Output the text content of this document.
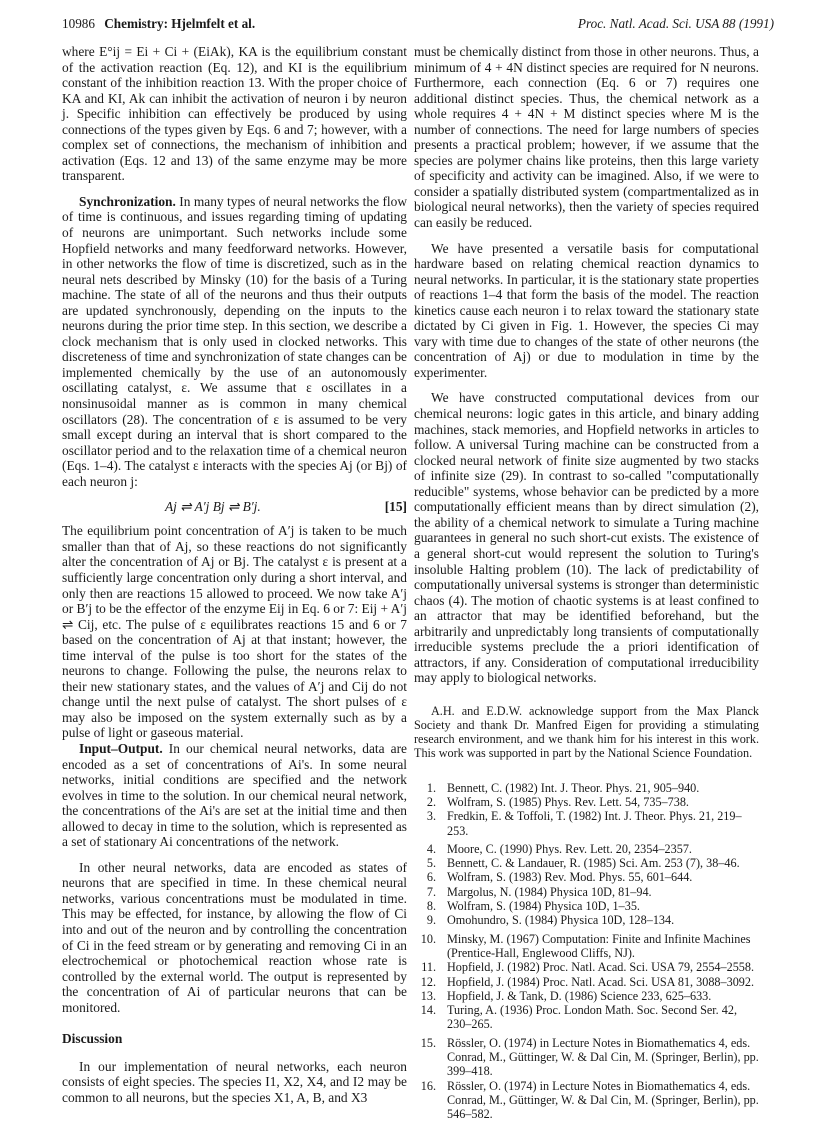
10986 Chemistry: Hjelmfelt et al.	Proc. Natl. Acad. Sci. USA 88 (1991)

where E°ij = Ei + Ci + (EiAk), KA is the equilibrium constant of the activation reaction (Eq. 12), and KI is the equilibrium constant of the inhibition reaction 13. With the proper choice of KA and KI, Ak can inhibit the activation of neuron i by neuron j. Specific inhibition can effectively be produced by using connections of the types given by Eqs. 6 and 7; however, with a complex set of connections, the mechanism of inhibition and activation (Eqs. 12 and 13) of the same enzyme may be more transparent.

Synchronization. In many types of neural networks the flow of time is continuous, and issues regarding timing of updating of neurons are unimportant. Such networks include some Hopfield networks and many feedforward networks. However, in other networks the flow of time is discretized, such as in the neural nets described by Minsky (10) for the basis of a Turing machine. The state of all of the neurons and thus their outputs are updated synchronously, depending on the inputs to the neurons during the prior time step. In this section, we describe a clock mechanism that is only used in clocked networks. This discreteness of time and synchronization of state changes can be implemented chemically by the use of an autonomously oscillating catalyst, ε. We assume that ε oscillates in a nonsinusoidal manner as is common in many chemical oscillators (28). The concentration of ε is assumed to be very small except during an interval that is short compared to the oscillator period and to the relaxation time of a chemical neuron (Eqs. 1–4). The catalyst ε interacts with the species Aj (or Bj) of each neuron j:

Aj ⇌ A′j Bj ⇌ B′j.	[15]

The equilibrium point concentration of A′j is taken to be much smaller than that of Aj, so these reactions do not significantly alter the concentration of Aj or Bj. The catalyst ε is present at a sufficiently large concentration only during a short interval, and only then are reactions 15 allowed to proceed. We now take A′j or B′j to be the effector of the enzyme Eij in Eq. 6 or 7: Eij + A′j ⇌ Cij, etc. The pulse of ε equilibrates reactions 15 and 6 or 7 based on the concentration of Aj at that instant; however, the time interval of the pulse is too short for the states of the neurons to change. Following the pulse, the neurons relax to their new stationary states, and the values of A′j and Cij do not change until the next pulse of catalyst. The short pulses of ε may also be imposed on the system externally such as by a pulse of light or gaseous material.

Input–Output. In our chemical neural networks, data are encoded as a set of concentrations of Ai's. In some neural networks, initial conditions are specified and the network evolves in time to the solution. In our chemical neural network, the concentrations of the Ai's are set at the initial time and then allowed to decay in time to the solution, which is represented as a set of stationary Ai concentrations of the network.

In other neural networks, data are encoded as states of neurons that are specified in time. In these chemical neural networks, various concentrations must be modulated in time. This may be effected, for instance, by allowing the flow of Ci into and out of the neuron and by controlling the concentration of Ci in the feed stream or by generating and removing Ci in an electrochemical or photochemical reaction whose rate is controlled by the external world. The output is represented by the concentration of Ai of particular neurons that can be monitored.

Discussion

In our implementation of neural networks, each neuron consists of eight species. The species I1, X2, X4, and I2 may be common to all neurons, but the species X1, A, B, and X3

must be chemically distinct from those in other neurons. Thus, a minimum of 4 + 4N distinct species are required for N neurons. Furthermore, each connection (Eq. 6 or 7) requires one additional distinct species. Thus, the chemical network as a whole requires 4 + 4N + M distinct species where M is the number of connections. The need for large numbers of species presents a practical problem; however, if we assume that the species are polymer chains like proteins, then this large variety of specificity and activity can be imagined. Also, if we were to consider a spatially distributed system (compartmentalized as in biological neural networks), then the variety of species required can easily be reduced.

We have presented a versatile basis for computational hardware based on relating chemical reaction dynamics to neural networks. In particular, it is the stationary state properties of reactions 1–4 that form the basis of the model. The reaction kinetics cause each neuron i to relax toward the stationary state dictated by Ci given in Fig. 1. However, the species Ci may vary with time due to changes of the state of other neurons (the concentration of Aj) or due to modulation in time by the experimenter.

We have constructed computational devices from our chemical neurons: logic gates in this article, and binary adding machines, stack memories, and Hopfield networks in articles to follow. A universal Turing machine can be constructed from a clocked neural network of finite size augmented by two stacks of infinite size (29). In contrast to so-called "computationally reducible" systems, whose behavior can be predicted by a more computationally efficient means than by direct simulation (2), the ability of a chemical network to simulate a Turing machine guarantees in general no such short-cut exists. The existence of a general short-cut would represent the solution to Turing's insoluble Halting problem (10). The lack of predictability of computationally universal systems is stronger than deterministic chaos (4). The motion of chaotic systems is at least confined to an attractor that may be identified beforehand, but the arbitrarily and unpredictably long transients of computationally irreducible systems preclude the a priori identification of attractors, if any. Consideration of computational irreducibility may apply to biological networks.

A.H. and E.D.W. acknowledge support from the Max Planck Society and thank Dr. Manfred Eigen for providing a stimulating research environment, and we thank him for his interest in this work. This work was supported in part by the National Science Foundation.

1. Bennett, C. (1982) Int. J. Theor. Phys. 21, 905–940.
2. Wolfram, S. (1985) Phys. Rev. Lett. 54, 735–738.
3. Fredkin, E. & Toffoli, T. (1982) Int. J. Theor. Phys. 21, 219–253.
4. Moore, C. (1990) Phys. Rev. Lett. 20, 2354–2357.
5. Bennett, C. & Landauer, R. (1985) Sci. Am. 253 (7), 38–46.
6. Wolfram, S. (1983) Rev. Mod. Phys. 55, 601–644.
7. Margolus, N. (1984) Physica 10D, 81–94.
8. Wolfram, S. (1984) Physica 10D, 1–35.
9. Omohundro, S. (1984) Physica 10D, 128–134.
10. Minsky, M. (1967) Computation: Finite and Infinite Machines (Prentice-Hall, Englewood Cliffs, NJ).
11. Hopfield, J. (1982) Proc. Natl. Acad. Sci. USA 79, 2554–2558.
12. Hopfield, J. (1984) Proc. Natl. Acad. Sci. USA 81, 3088–3092.
13. Hopfield, J. & Tank, D. (1986) Science 233, 625–633.
14. Turing, A. (1936) Proc. London Math. Soc. Second Ser. 42, 230–265.
15. Rössler, O. (1974) in Lecture Notes in Biomathematics 4, eds. Conrad, M., Güttinger, W. & Dal Cin, M. (Springer, Berlin), pp. 399–418.
16. Rössler, O. (1974) in Lecture Notes in Biomathematics 4, eds. Conrad, M., Güttinger, W. & Dal Cin, M. (Springer, Berlin), pp. 546–582.
